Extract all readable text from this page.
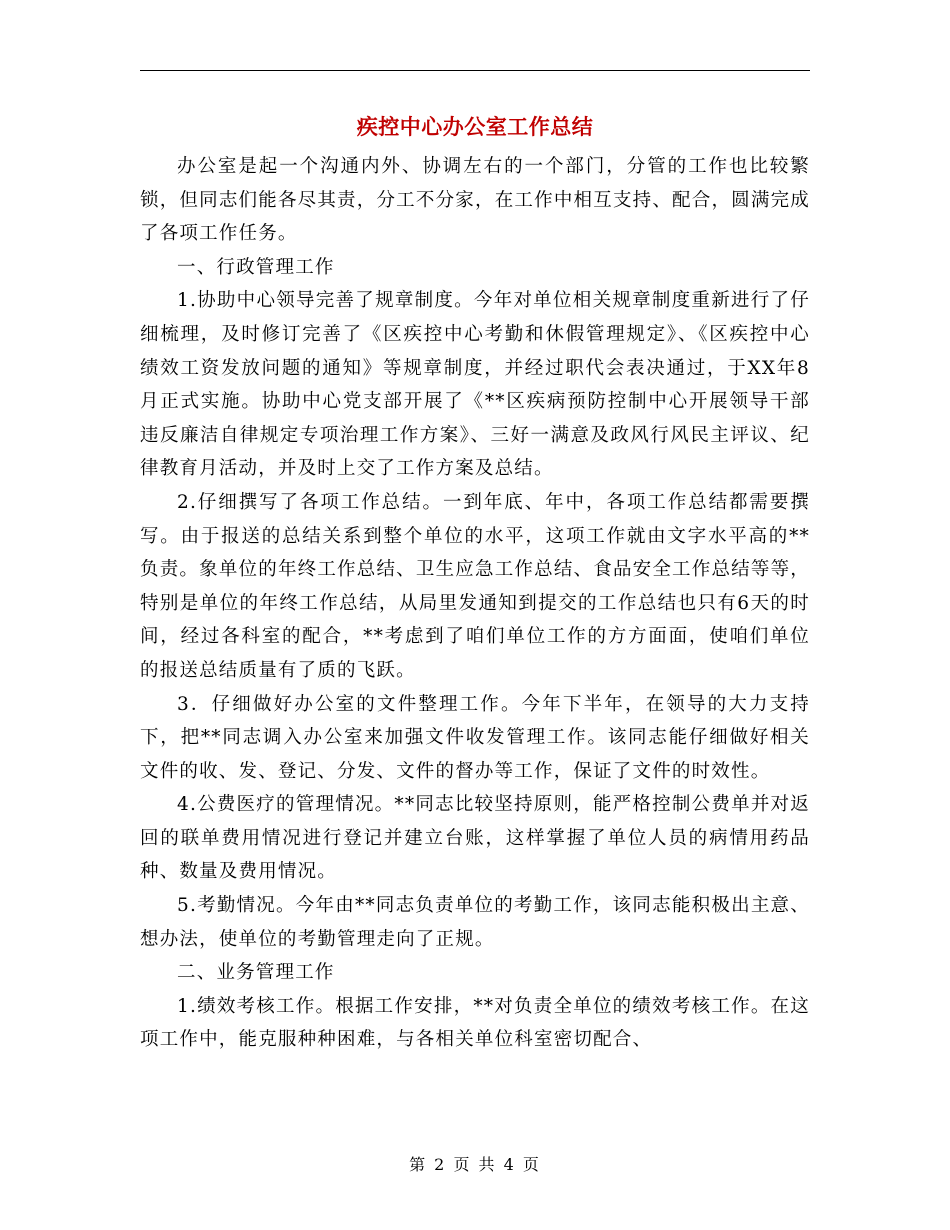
疾控中心办公室工作总结

办公室是起一个沟通内外、协调左右的一个部门，分管的工作也比较繁锁，但同志们能各尽其责，分工不分家，在工作中相互支持、配合，圆满完成了各项工作任务。

一、行政管理工作

1.协助中心领导完善了规章制度。今年对单位相关规章制度重新进行了仔细梳理，及时修订完善了《区疾控中心考勤和休假管理规定》、《区疾控中心绩效工资发放问题的通知》等规章制度，并经过职代会表决通过，于XX年8月正式实施。协助中心党支部开展了《**区疾病预防控制中心开展领导干部违反廉洁自律规定专项治理工作方案》、三好一满意及政风行风民主评议、纪律教育月活动，并及时上交了工作方案及总结。

2.仔细撰写了各项工作总结。一到年底、年中，各项工作总结都需要撰写。由于报送的总结关系到整个单位的水平，这项工作就由文字水平高的**负责。象单位的年终工作总结、卫生应急工作总结、食品安全工作总结等等，特别是单位的年终工作总结，从局里发通知到提交的工作总结也只有6天的时间，经过各科室的配合，**考虑到了咱们单位工作的方方面面，使咱们单位的报送总结质量有了质的飞跃。

3．仔细做好办公室的文件整理工作。今年下半年，在领导的大力支持下，把**同志调入办公室来加强文件收发管理工作。该同志能仔细做好相关文件的收、发、登记、分发、文件的督办等工作，保证了文件的时效性。

4.公费医疗的管理情况。**同志比较坚持原则，能严格控制公费单并对返回的联单费用情况进行登记并建立台账，这样掌握了单位人员的病情用药品种、数量及费用情况。

5.考勤情况。今年由**同志负责单位的考勤工作，该同志能积极出主意、想办法，使单位的考勤管理走向了正规。

二、业务管理工作

1.绩效考核工作。根据工作安排，**对负责全单位的绩效考核工作。在这项工作中，能克服种种困难，与各相关单位科室密切配合、

第 2 页 共 4 页
